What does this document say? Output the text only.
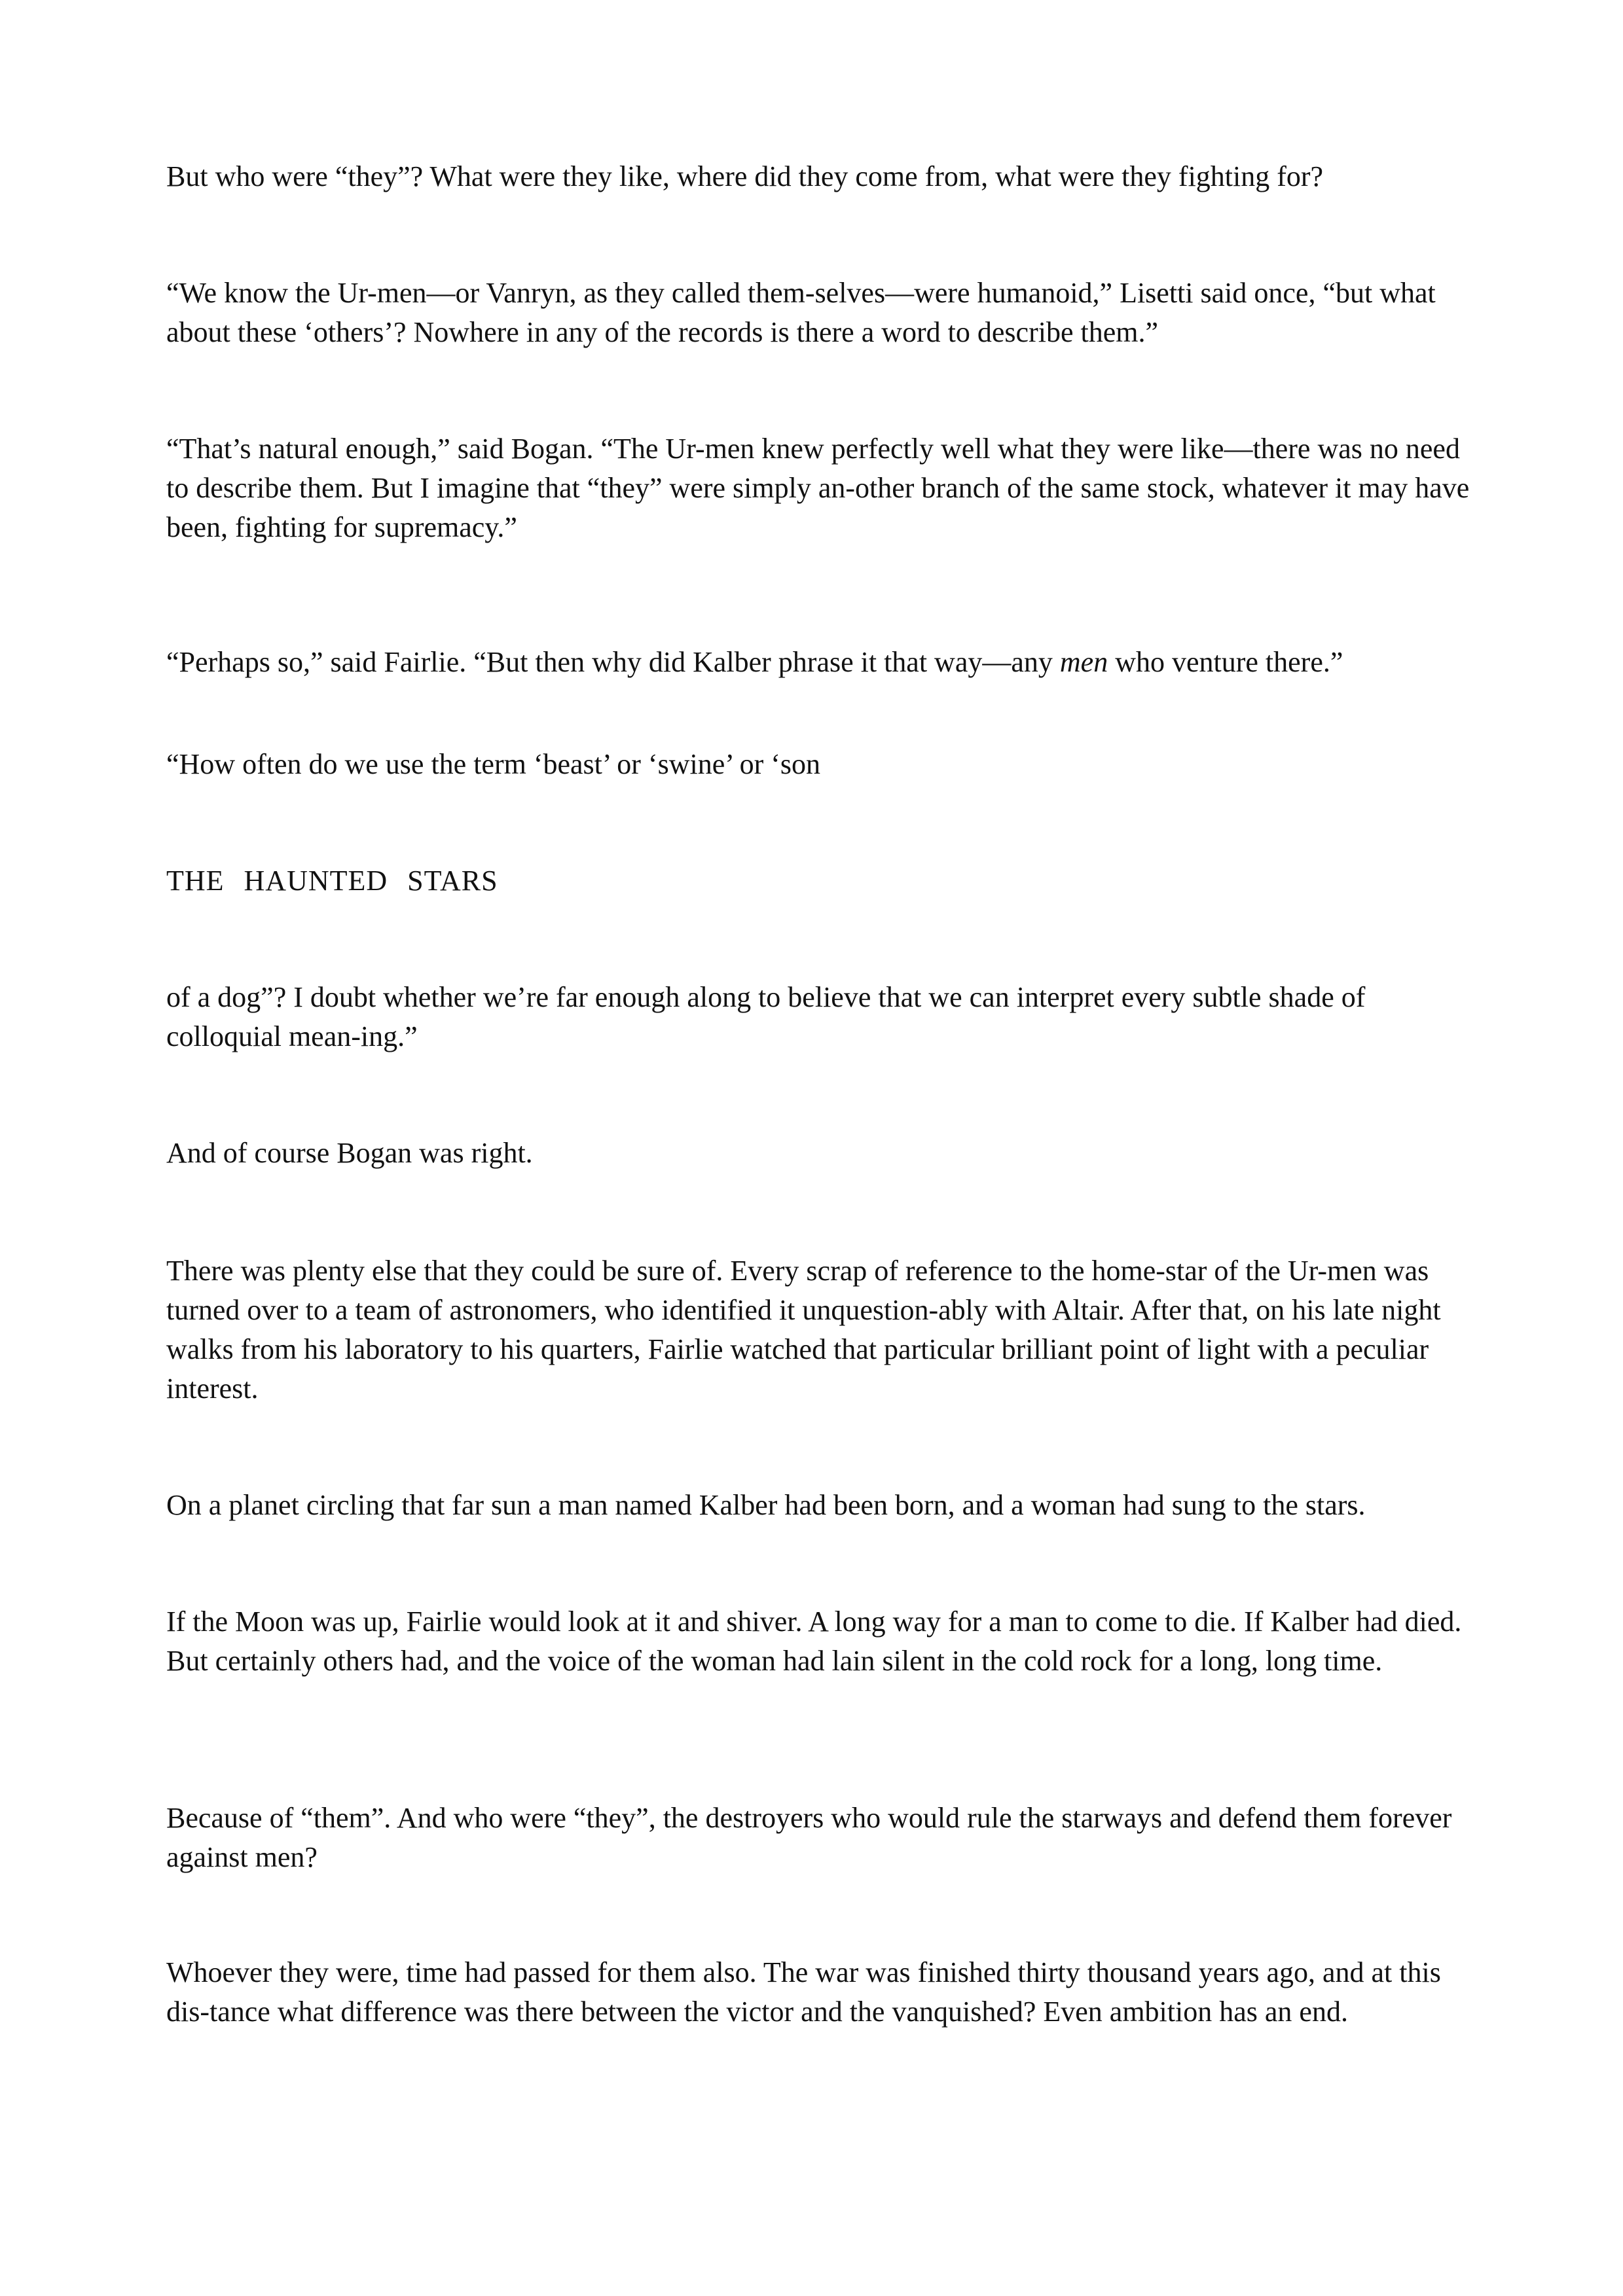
But who were “they”? What were they like, where did they come from, what were they fighting for?

“We know the Ur-men—or Vanryn, as they called them-selves—were humanoid,” Lisetti said once, “but what about these ‘others’? Nowhere in any of the records is there a word to describe them.”

“That’s natural enough,” said Bogan. “The Ur-men knew perfectly well what they were like—there was no need to describe them. But I imagine that “they” were simply an-other branch of the same stock, whatever it may have been, fighting for supremacy.”

“Perhaps so,” said Fairlie. “But then why did Kalber phrase it that way—any men who venture there.”

“How often do we use the term ‘beast’ or ‘swine’ or ‘son

THE HAUNTED STARS

of a dog”? I doubt whether we’re far enough along to believe that we can interpret every subtle shade of colloquial mean-ing.”

And of course Bogan was right.

There was plenty else that they could be sure of. Every scrap of reference to the home-star of the Ur-men was turned over to a team of astronomers, who identified it unquestion-ably with Altair. After that, on his late night walks from his laboratory to his quarters, Fairlie watched that particular brilliant point of light with a peculiar interest.

On a planet circling that far sun a man named Kalber had been born, and a woman had sung to the stars.

If the Moon was up, Fairlie would look at it and shiver. A long way for a man to come to die. If Kalber had died. But certainly others had, and the voice of the woman had lain silent in the cold rock for a long, long time.

Because of “them”. And who were “they”, the destroyers who would rule the starways and defend them forever against men?

Whoever they were, time had passed for them also. The war was finished thirty thousand years ago, and at this dis-tance what difference was there between the victor and the vanquished? Even ambition has an end.
